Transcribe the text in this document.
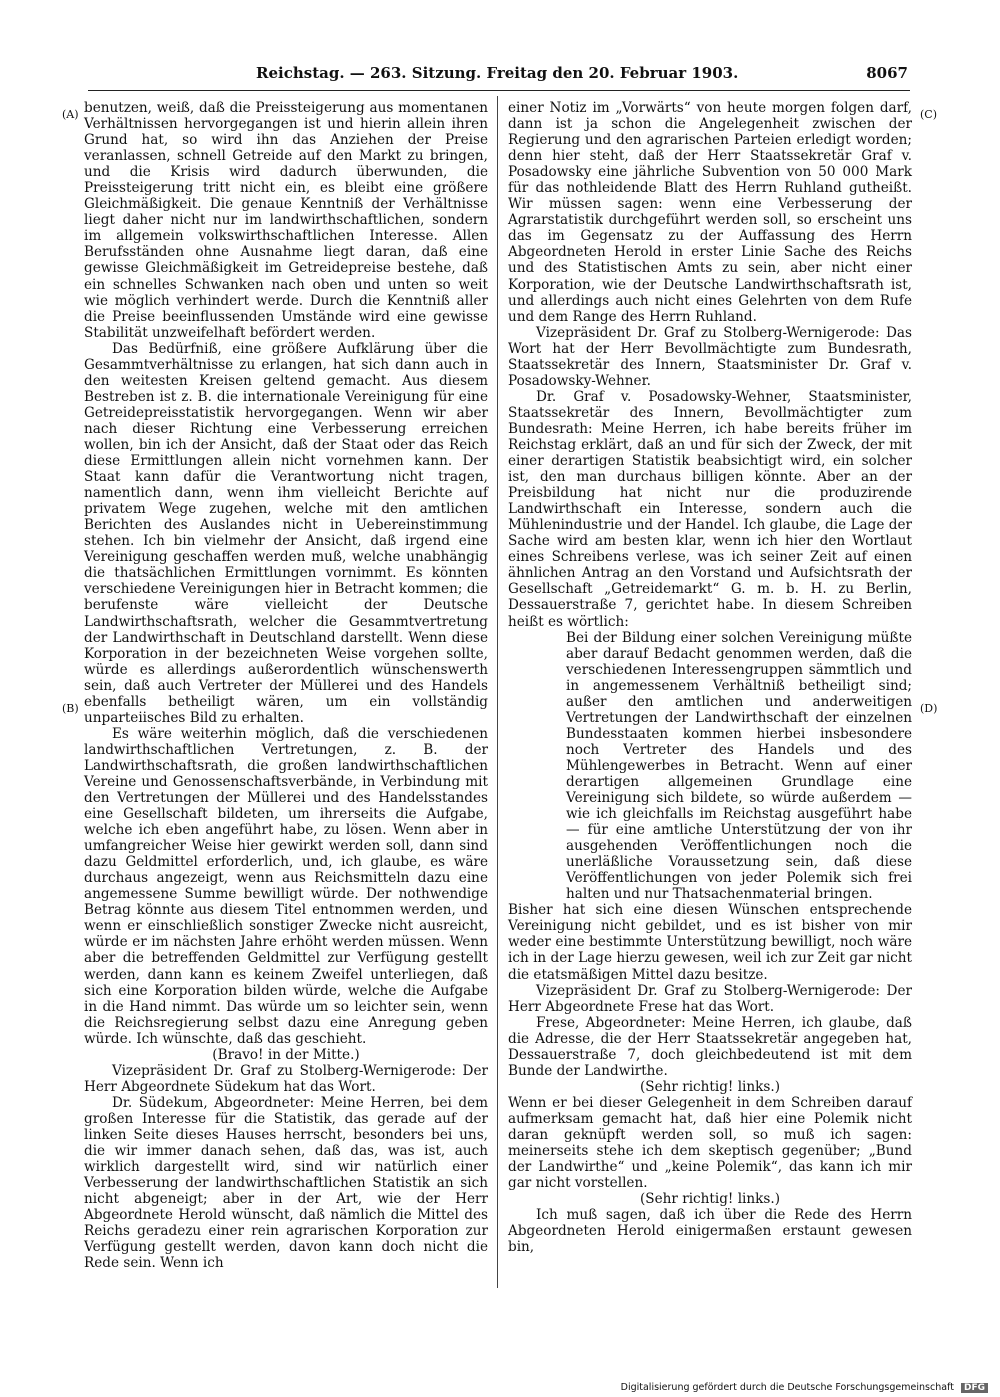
Reichstag. — 263. Sitzung. Freitag den 20. Februar 1903.	8067
(A)
(B)
(C)
(D)

benutzen, weiß, daß die Preissteigerung aus momentanen Verhältnissen hervorgegangen ist und hierin allein ihren Grund hat, so wird ihn das Anziehen der Preise veranlassen, schnell Getreide auf den Markt zu bringen, und die Krisis wird dadurch überwunden, die Preissteigerung tritt nicht ein, es bleibt eine größere Gleichmäßigkeit. Die genaue Kenntniß der Verhältnisse liegt daher nicht nur im landwirthschaftlichen, sondern im allgemein volkswirthschaftlichen Interesse. Allen Berufsständen ohne Ausnahme liegt daran, daß eine gewisse Gleichmäßigkeit im Getreidepreise bestehe, daß ein schnelles Schwanken nach oben und unten so weit wie möglich verhindert werde. Durch die Kenntniß aller die Preise beeinflussenden Umstände wird eine gewisse Stabilität unzweifelhaft befördert werden.

Das Bedürfniß, eine größere Aufklärung über die Gesammtverhältnisse zu erlangen, hat sich dann auch in den weitesten Kreisen geltend gemacht. Aus diesem Bestreben ist z. B. die internationale Vereinigung für eine Getreidepreisstatistik hervorgegangen. Wenn wir aber nach dieser Richtung eine Verbesserung erreichen wollen, bin ich der Ansicht, daß der Staat oder das Reich diese Ermittlungen allein nicht vornehmen kann. Der Staat kann dafür die Verantwortung nicht tragen, namentlich dann, wenn ihm vielleicht Berichte auf privatem Wege zugehen, welche mit den amtlichen Berichten des Auslandes nicht in Uebereinstimmung stehen. Ich bin vielmehr der Ansicht, daß irgend eine Vereinigung geschaffen werden muß, welche unabhängig die thatsächlichen Ermittlungen vornimmt. Es könnten verschiedene Vereinigungen hier in Betracht kommen; die berufenste wäre vielleicht der Deutsche Landwirthschaftsrath, welcher die Gesammtvertretung der Landwirthschaft in Deutschland darstellt. Wenn diese Korporation in der bezeichneten Weise vorgehen sollte, würde es allerdings außerordentlich wünschenswerth sein, daß auch Vertreter der Müllerei und des Handels ebenfalls betheiligt wären, um ein vollständig unparteiisches Bild zu erhalten.

Es wäre weiterhin möglich, daß die verschiedenen landwirthschaftlichen Vertretungen, z. B. der Landwirthschaftsrath, die großen landwirthschaftlichen Vereine und Genossenschaftsverbände, in Verbindung mit den Vertretungen der Müllerei und des Handelsstandes eine Gesellschaft bildeten, um ihrerseits die Aufgabe, welche ich eben angeführt habe, zu lösen. Wenn aber in umfangreicher Weise hier gewirkt werden soll, dann sind dazu Geldmittel erforderlich, und, ich glaube, es wäre durchaus angezeigt, wenn aus Reichsmitteln dazu eine angemessene Summe bewilligt würde. Der nothwendige Betrag könnte aus diesem Titel entnommen werden, und wenn er einschließlich sonstiger Zwecke nicht ausreicht, würde er im nächsten Jahre erhöht werden müssen. Wenn aber die betreffenden Geldmittel zur Verfügung gestellt werden, dann kann es keinem Zweifel unterliegen, daß sich eine Korporation bilden würde, welche die Aufgabe in die Hand nimmt. Das würde um so leichter sein, wenn die Reichsregierung selbst dazu eine Anregung geben würde. Ich wünschte, daß das geschieht.

(Bravo! in der Mitte.)

Vizepräsident Dr. Graf zu Stolberg-Wernigerode: Der Herr Abgeordnete Südekum hat das Wort.

Dr. Südekum, Abgeordneter: Meine Herren, bei dem großen Interesse für die Statistik, das gerade auf der linken Seite dieses Hauses herrscht, besonders bei uns, die wir immer danach sehen, daß das, was ist, auch wirklich dargestellt wird, sind wir natürlich einer Verbesserung der landwirthschaftlichen Statistik an sich nicht abgeneigt; aber in der Art, wie der Herr Abgeordnete Herold wünscht, daß nämlich die Mittel des Reichs geradezu einer rein agrarischen Korporation zur Verfügung gestellt werden, davon kann doch nicht die Rede sein. Wenn ich

einer Notiz im „Vorwärts“ von heute morgen folgen darf, dann ist ja schon die Angelegenheit zwischen der Regierung und den agrarischen Parteien erledigt worden; denn hier steht, daß der Herr Staatssekretär Graf v. Posadowsky eine jährliche Subvention von 50 000 Mark für das nothleidende Blatt des Herrn Ruhland gutheißt. Wir müssen sagen: wenn eine Verbesserung der Agrarstatistik durchgeführt werden soll, so erscheint uns das im Gegensatz zu der Auffassung des Herrn Abgeordneten Herold in erster Linie Sache des Reichs und des Statistischen Amts zu sein, aber nicht einer Korporation, wie der Deutsche Landwirthschaftsrath ist, und allerdings auch nicht eines Gelehrten von dem Rufe und dem Range des Herrn Ruhland.

Vizepräsident Dr. Graf zu Stolberg-Wernigerode: Das Wort hat der Herr Bevollmächtigte zum Bundesrath, Staatssekretär des Innern, Staatsminister Dr. Graf v. Posadowsky-Wehner.

Dr. Graf v. Posadowsky-Wehner, Staatsminister, Staatssekretär des Innern, Bevollmächtigter zum Bundesrath: Meine Herren, ich habe bereits früher im Reichstag erklärt, daß an und für sich der Zweck, der mit einer derartigen Statistik beabsichtigt wird, ein solcher ist, den man durchaus billigen könnte. Aber an der Preisbildung hat nicht nur die produzirende Landwirthschaft ein Interesse, sondern auch die Mühlenindustrie und der Handel. Ich glaube, die Lage der Sache wird am besten klar, wenn ich hier den Wortlaut eines Schreibens verlese, was ich seiner Zeit auf einen ähnlichen Antrag an den Vorstand und Aufsichtsrath der Gesellschaft „Getreidemarkt“ G. m. b. H. zu Berlin, Dessauerstraße 7, gerichtet habe. In diesem Schreiben heißt es wörtlich:

Bei der Bildung einer solchen Vereinigung müßte aber darauf Bedacht genommen werden, daß die verschiedenen Interessengruppen sämmtlich und in angemessenem Verhältniß betheiligt sind; außer den amtlichen und anderweitigen Vertretungen der Landwirthschaft der einzelnen Bundesstaaten kommen hierbei insbesondere noch Vertreter des Handels und des Mühlengewerbes in Betracht. Wenn auf einer derartigen allgemeinen Grundlage eine Vereinigung sich bildete, so würde außerdem — wie ich gleichfalls im Reichstag ausgeführt habe — für eine amtliche Unterstützung der von ihr ausgehenden Veröffentlichungen noch die unerläßliche Voraussetzung sein, daß diese Veröffentlichungen von jeder Polemik sich frei halten und nur Thatsachenmaterial bringen.

Bisher hat sich eine diesen Wünschen entsprechende Vereinigung nicht gebildet, und es ist bisher von mir weder eine bestimmte Unterstützung bewilligt, noch wäre ich in der Lage hierzu gewesen, weil ich zur Zeit gar nicht die etatsmäßigen Mittel dazu besitze.

Vizepräsident Dr. Graf zu Stolberg-Wernigerode: Der Herr Abgeordnete Frese hat das Wort.

Frese, Abgeordneter: Meine Herren, ich glaube, daß die Adresse, die der Herr Staatssekretär angegeben hat, Dessauerstraße 7, doch gleichbedeutend ist mit dem Bunde der Landwirthe.

(Sehr richtig! links.)

Wenn er bei dieser Gelegenheit in dem Schreiben darauf aufmerksam gemacht hat, daß hier eine Polemik nicht daran geknüpft werden soll, so muß ich sagen: meinerseits stehe ich dem skeptisch gegenüber; „Bund der Landwirthe“ und „keine Polemik“, das kann ich mir gar nicht vorstellen.

(Sehr richtig! links.)

Ich muß sagen, daß ich über die Rede des Herrn Abgeordneten Herold einigermaßen erstaunt gewesen bin,

Digitalisierung gefördert durch die Deutsche Forschungsgemeinschaft DFG
